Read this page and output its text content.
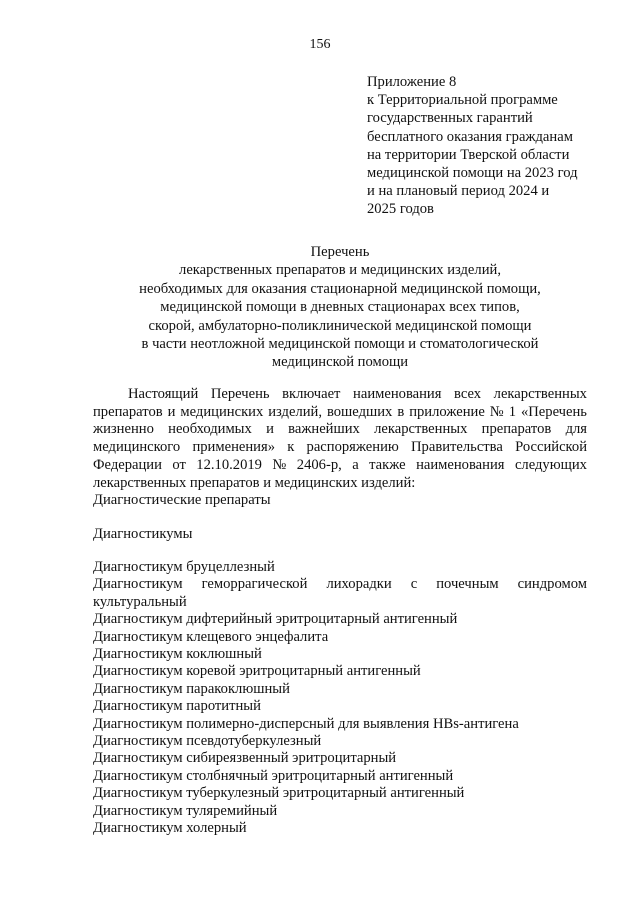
156
Приложение 8
к Территориальной программе
государственных гарантий
бесплатного оказания гражданам
на территории Тверской области
медицинской помощи на 2023 год
и на плановый период 2024 и
2025 годов
Перечень
лекарственных препаратов и медицинских изделий,
необходимых для оказания стационарной медицинской помощи,
медицинской помощи в дневных стационарах всех типов,
скорой, амбулаторно-поликлинической медицинской помощи
в части неотложной медицинской помощи и стоматологической
медицинской помощи
Настоящий Перечень включает наименования всех лекарственных
препаратов и медицинских изделий, вошедших в приложение № 1 «Перечень
жизненно необходимых и важнейших лекарственных препаратов для
медицинского применения» к распоряжению Правительства Российской
Федерации от 12.10.2019 № 2406-р, а также наименования следующих
лекарственных препаратов и медицинских изделий:
Диагностические препараты
Диагностикумы
Диагностикум бруцеллезный
Диагностикум геморрагической лихорадки с почечным синдромом
культуральный
Диагностикум дифтерийный эритроцитарный антигенный
Диагностикум клещевого энцефалита
Диагностикум коклюшный
Диагностикум коревой эритроцитарный антигенный
Диагностикум паракоклюшный
Диагностикум паротитный
Диагностикум полимерно-дисперсный для выявления HBs-антигена
Диагностикум псевдотуберкулезный
Диагностикум сибиреязвенный эритроцитарный
Диагностикум столбнячный эритроцитарный антигенный
Диагностикум туберкулезный эритроцитарный антигенный
Диагностикум туляремийный
Диагностикум холерный
